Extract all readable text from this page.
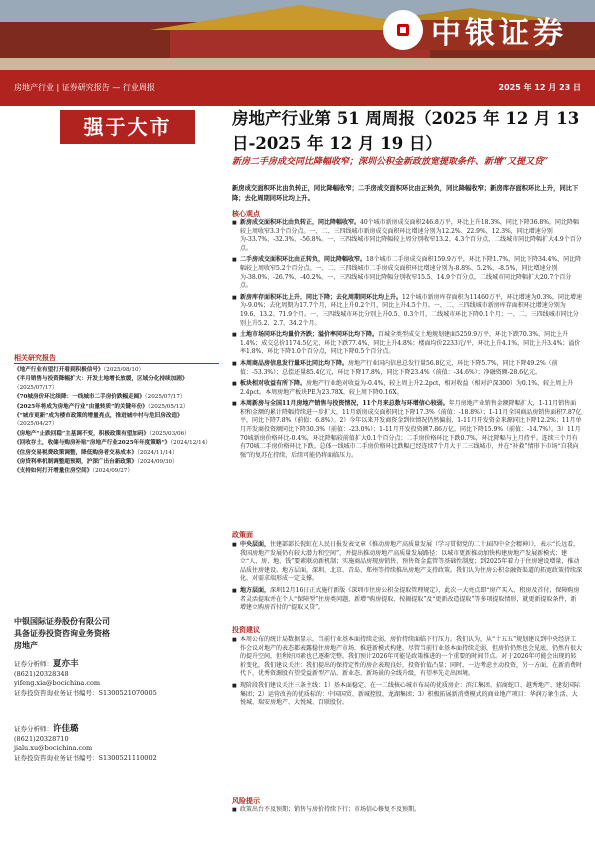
中银证券
房地产行业 | 证券研究报告 — 行业周报	2025 年 12 月 23 日
强于大市	房地产行业第 51 周周报（2025 年 12 月 13 日-2025 年 12 月 19 日）
新房二手房成交同比降幅收窄；深圳公积金新政放宽提取条件、新增“又提又贷”
新房成交面积环比由负转正，同比降幅收窄；二手房成交面积环比由正转负，同比降幅收窄；新房库存面积环比上升，同比下降；去化周期同环比均上升。
核心观点

■ 新房成交面积环比由负转正，同比降幅收窄。40个城市新房成交面积246.8万平，环比上升18.3%，同比下降36.8%。同比降幅较上周收窄3.3个百分点。一、二、三四线城市新房成交面积环比增速分别为12.2%、22.9%、12.3%，同比增速分别为-33.7%、-32.3%、-56.8%。一、三四线城市同比降幅较上周分别收窄13.2、4.3个百分点，二线城市同比降幅扩大4.9个百分点。

■ 二手房成交面积环比由正转负，同比降幅收窄。18个城市二手房成交面积159.9万平，环比下降1.7%，同比下降34.4%，同比降幅较上周收窄5.2个百分点。一、二、三四线城市二手房成交面积环比增速分别为-8.8%、5.2%、-8.5%，同比增速分别为-38.0%、-26.7%、-40.2%。一、三四线城市同比降幅分别收窄15.5、14.9个百分点，二线城市同比降幅扩大20.7个百分点。

■ 新房库存面积环比上升，同比下降；去化周期同环比均上升。12个城市新房库存面积为11460万平，环比增速为0.3%，同比增速为-9.0%；去化周期为17.7个月，环比上升0.2个月，同比上升4.5个月。一、二、三四线城市新房库存面积环比增速分别为19.6、13.2、71.9个月。一、三四线城市环比分别上升0.5、0.3个月，二线城市环比下降0.1个月；一、二、三四线城市同比分别上升5.2、2.7、34.2个月。

■ 土地市场同环比均量价齐跌；溢价率同环比均下降。百城全类型成交土地规划建面5259.9万平，环比下跌70.3%，同比上升1.4%；成交总价1174.5亿元，环比下跌77.4%，同比上升4.8%；楼面均价2233元/平，环比上升4.1%，同比上升3.4%；溢价率1.8%，环比下降1.0个百分点，同比下降0.5个百分点。

■ 本周商品房信息发行量环比同比均下降。房地产行业国内信息总发行量56.8亿元，环比下降5.7%，同比下降49.2%（前值：-53.3%）；总偿还量85.4亿元，环比下降17.8%，同比下降23.4%（前值：-34.6%）；净融资额-28.6亿元。

■ 板块相对收益有所下降。房地产行业绝对收益为-0.4%，较上周上升2.2pct，相对收益（相对沪深300）为0.1%，较上周上升2.4pct。本周房地产板块PE为23.78X，较上周下降0.16X。

■ 本周新房与全国11月房地产销售与投资情况，11个月来总数与环增信心较弱。年月房地产业销售金额降幅扩大，1-11月销售面积和金额的累计降幅持续进一步扩大，11月新房成交面积同比下降17.3%（前值：-18.8%）；1-11月全国商品房销售面积7.87亿平，同比下降7.8%（前值：6.8%）。2）今年以来开发商资金到位情况仍然偏弱，1-11月开发资金来源同比下降12.2%；11月单月开发商投资额同比下降30.3%（前值：-23.0%）；1-11月开发投资额7.86万亿，同比下降15.9%（前值：-14.7%）。3）11月70城新房价格环比-0.4%，环比降幅较前值扩大0.1个百分点；二手房价格环比下跌0.7%，环比降幅与上月持平。连续三个月有有70城二手房价格环比下跌。总体一线城市二手房价格环比跌幅已经连续7个月大于二三线城市，并在“补救”情形下市场“自我向强”的复苏在持续，后续可能仍将面临压力。

政策面

■ 中央层面，住建部部长倪虹在人民日报发表文章《推动房地产高质量发展（学习贯彻党的二十届四中全会精神）》，表示“长远看，我国房地产发展仍有较大潜力和空间”，并提出推动房地产高质量发展路径：以城市更新推动加快构建房地产发展新模式；建立“人、房、地、钱”要素联动新机制；实施商品房现房销售、预售资金监管等基础性制度；到2025年着力于住房建设增量，推动品质住房建设。地方层面，深圳、北京、青岛、郑州等持续推出房地产支持政策。我们认为住房公积金融资渠道的拓宽政策持续深化，对需求端形成一定支撑。

■ 地方层面，深圳12月16日正式施行新版《深圳市住房公积金提取管理规定》，此次一大亮点即“房产买入、租房及首付，保障购房者灵活提取并在个人“保障型”住房类问题，新增“购房提取、按揭提取”及“更新改造提取”等多项提取情形，就更新提取条件，新增建立购房首付的“提取又贷”。

投资建议

■ 本周公布的统计局数据显示，当前行业基本面持续走弱，房价持续面临下行压力。我们认为，从“十五五”规划建议到中央经济工作会议对地产的表态都表露稳住房地产市场，推进新模式构建。尽管当前行业基本面持续走弱，但房价仍然也会见底，仍然有很大的提升空间，但利好因素也已逐渐完整。我们预计2026年可能是政策推进的一个重要的时间节点。对于2026年可能会出现的转折变化，我们建议关注：我们提出的保持定性的房企表现良好，投资价值凸显；同时，一边考虑主动投资，另一方面，在新消费时代下，优秀资源股有望受益新型产品、新业态、新场景的全线升级，有望率先走出困境。

■ 现阶段我们建议关注三条主线：1）基本面稳定、在一二线核心城市布局的优质房企：滨江集团、招商蛇口、越秀地产、建发国际集团；2）运营改善的优质标的：中国国贸、新城控股、龙湖集团；3）积极拓展新消费模式的商业地产项目：华润万象生活、大悦城、瑞安房地产、大悦城、百联股份。

风险提示

■ 政策出台不及预期；销售与房价持续下行；市场信心修复不及预期。

相关研究报告
《地产行业有望打开看到积极信号》（2025/08/10）
《半月销售与投资降幅扩大：开发土地增长放缓，区域分化持续加剧》（2025/07/17）
《70城房价环比续降：一线城市二手房价跌幅走阔》（2025/07/17）
《2025年将成为房地产行业“由量转质”的关键年份》（2025/05/12）
《“城市更新”成为楼市政策的增量亮点，推进城中村与危旧房改造》（2025/04/27）
《房地产“止跌回稳”主基调不变，积极政策有望加码》（2025/03/06）
《回收存土，收储与购房补贴“房地产行业2025年年度策略”》（2024/12/14）
《住房交易税费政策调整，降低购房者交易成本》（2024/11/14）
《房贷利率机制调整超预期，沪深广出台新政策》（2024/09/30）
《支持如何打开增量住房空间》（2024/09/27）
中银国际证券股份有限公司
具备证券投资咨询业务资格
房地产
证券分析师：夏亦丰
(8621)20328348
yifeng.xia@bocichina.com
证券投资咨询业务证书编号：S1300521070005
证券分析师：许佳璐
(8621)20328710
jialu.xu@bocichina.com
证券投资咨询业务证书编号：S1300521110002
